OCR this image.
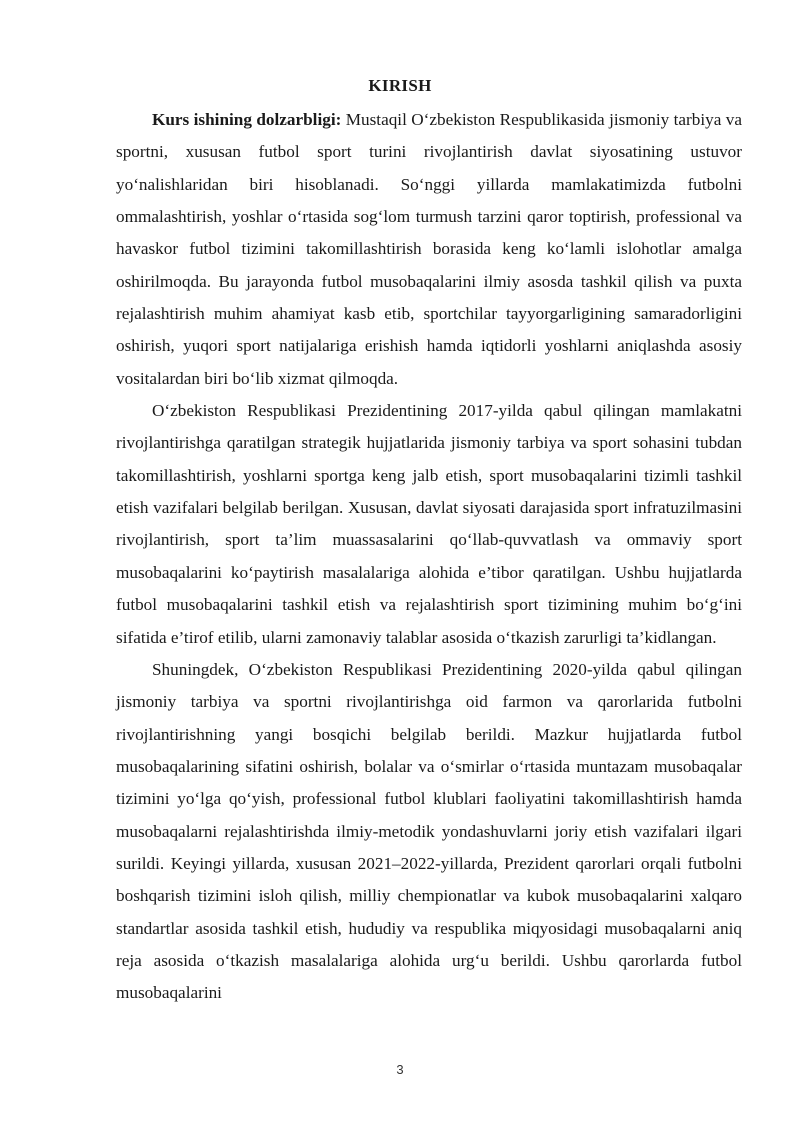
KIRISH

Kurs ishining dolzarbligi: Mustaqil O‘zbekiston Respublikasida jismoniy tarbiya va sportni, xususan futbol sport turini rivojlantirish davlat siyosatining ustuvor yo‘nalishlaridan biri hisoblanadi. So‘nggi yillarda mamlakatimizda futbolni ommalashtirish, yoshlar o‘rtasida sog‘lom turmush tarzini qaror toptirish, professional va havaskor futbol tizimini takomillashtirish borasida keng ko‘lamli islohotlar amalga oshirilmoqda. Bu jarayonda futbol musobaqalarini ilmiy asosda tashkil qilish va puxta rejalashtirish muhim ahamiyat kasb etib, sportchilar tayyorgarligining samaradorligini oshirish, yuqori sport natijalariga erishish hamda iqtidorli yoshlarni aniqlashda asosiy vositalardan biri bo‘lib xizmat qilmoqda.

O‘zbekiston Respublikasi Prezidentining 2017-yilda qabul qilingan mamlakatni rivojlantirishga qaratilgan strategik hujjatlarida jismoniy tarbiya va sport sohasini tubdan takomillashtirish, yoshlarni sportga keng jalb etish, sport musobaqalarini tizimli tashkil etish vazifalari belgilab berilgan. Xususan, davlat siyosati darajasida sport infratuzilmasini rivojlantirish, sport ta’lim muassasalarini qo‘llab-quvvatlash va ommaviy sport musobaqalarini ko‘paytirish masalalariga alohida e’tibor qaratilgan. Ushbu hujjatlarda futbol musobaqalarini tashkil etish va rejalashtirish sport tizimining muhim bo‘g‘ini sifatida e’tirof etilib, ularni zamonaviy talablar asosida o‘tkazish zarurligi ta’kidlangan.

Shuningdek, O‘zbekiston Respublikasi Prezidentining 2020-yilda qabul qilingan jismoniy tarbiya va sportni rivojlantirishga oid farmon va qarorlarida futbolni rivojlantirishning yangi bosqichi belgilab berildi. Mazkur hujjatlarda futbol musobaqalarining sifatini oshirish, bolalar va o‘smirlar o‘rtasida muntazam musobaqalar tizimini yo‘lga qo‘yish, professional futbol klublari faoliyatini takomillashtirish hamda musobaqalarni rejalashtirishda ilmiy-metodik yondashuvlarni joriy etish vazifalari ilgari surildi. Keyingi yillarda, xususan 2021–2022-yillarda, Prezident qarorlari orqali futbolni boshqarish tizimini isloh qilish, milliy chempionatlar va kubok musobaqalarini xalqaro standartlar asosida tashkil etish, hududiy va respublika miqyosidagi musobaqalarni aniq reja asosida o‘tkazish masalalariga alohida urg‘u berildi. Ushbu qarorlarda futbol musobaqalarini

3
